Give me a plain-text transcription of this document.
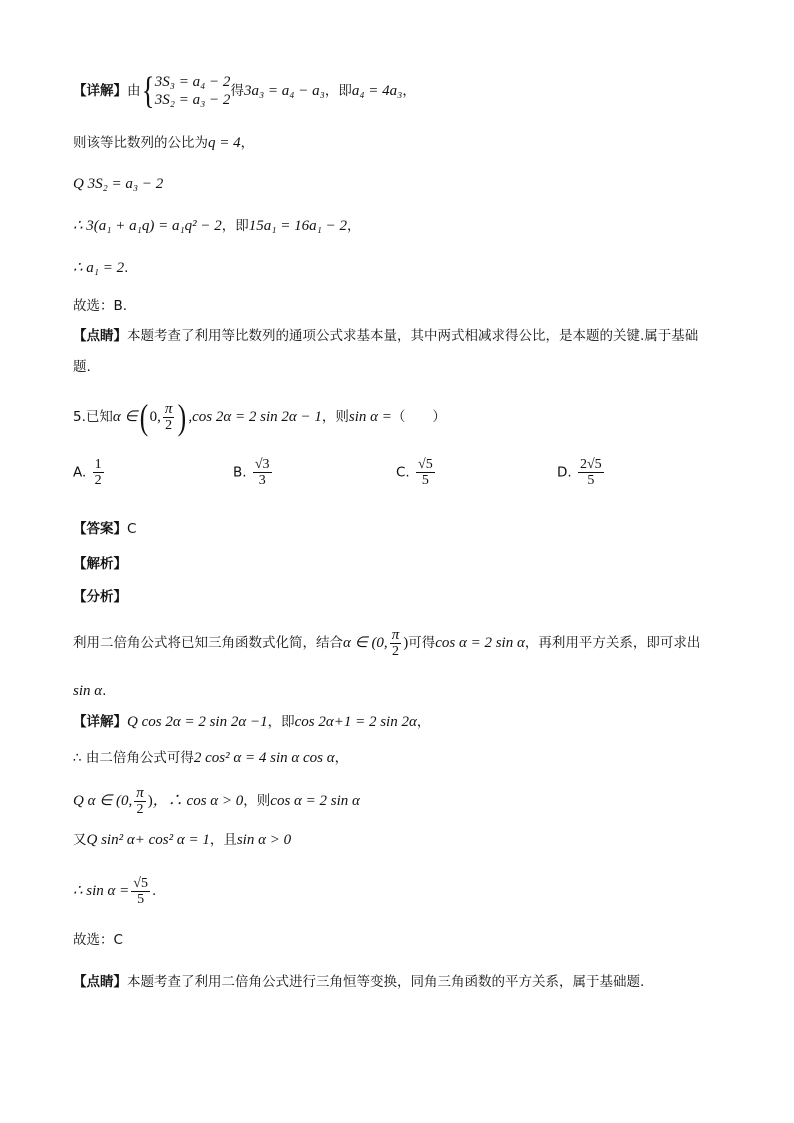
【详解】由{ 3S₃ = a₄ − 2
3S₂ = a₃ − 2
得3a₃ = a₄ − a₃，即a₄ = 4a₃，
则该等比数列的公比为q = 4，
Q 3S₂ = a₃ − 2
∴ 3(a₁ + a₁q) = a₁q² − 2，即15a₁ = 16a₁ − 2，
∴ a₁ = 2.
故选：B.
【点睛】本题考查了利用等比数列的通项公式求基本量，其中两式相减求得公比，是本题的关键.属于基础
题.
5.已知α ∈( 0, $\frac{\pi}{2}$ ) ,cos 2α = 2 sin 2α − 1，则sin α =（　　）
A. $\frac{1}{2}$	B. $\frac{√3}{3}$	C. $\frac{√5}{5}$	D. $\frac{2√5}{5}$
【答案】C
【解析】
【分析】
利用二倍角公式将已知三角函数式化简，结合α ∈ (0, $\frac{\pi}{2}$ )可得cos α = 2 sin α，再利用平方关系，即可求出
sin α.
【详解】Q cos 2α = 2 sin 2α −1，即cos 2α+1 = 2 sin 2α，
∴ 由二倍角公式可得2 cos² α = 4 sin α cos α，
Q α ∈ (0, $\frac{\pi}{2}$ )，∴ cos α > 0，则cos α = 2 sin α
又Q sin² α+ cos² α = 1，且sin α > 0
∴ $\sin \alpha = \frac{√5}{5}$ .
故选：C
【点睛】本题考查了利用二倍角公式进行三角恒等变换，同角三角函数的平方关系，属于基础题.
